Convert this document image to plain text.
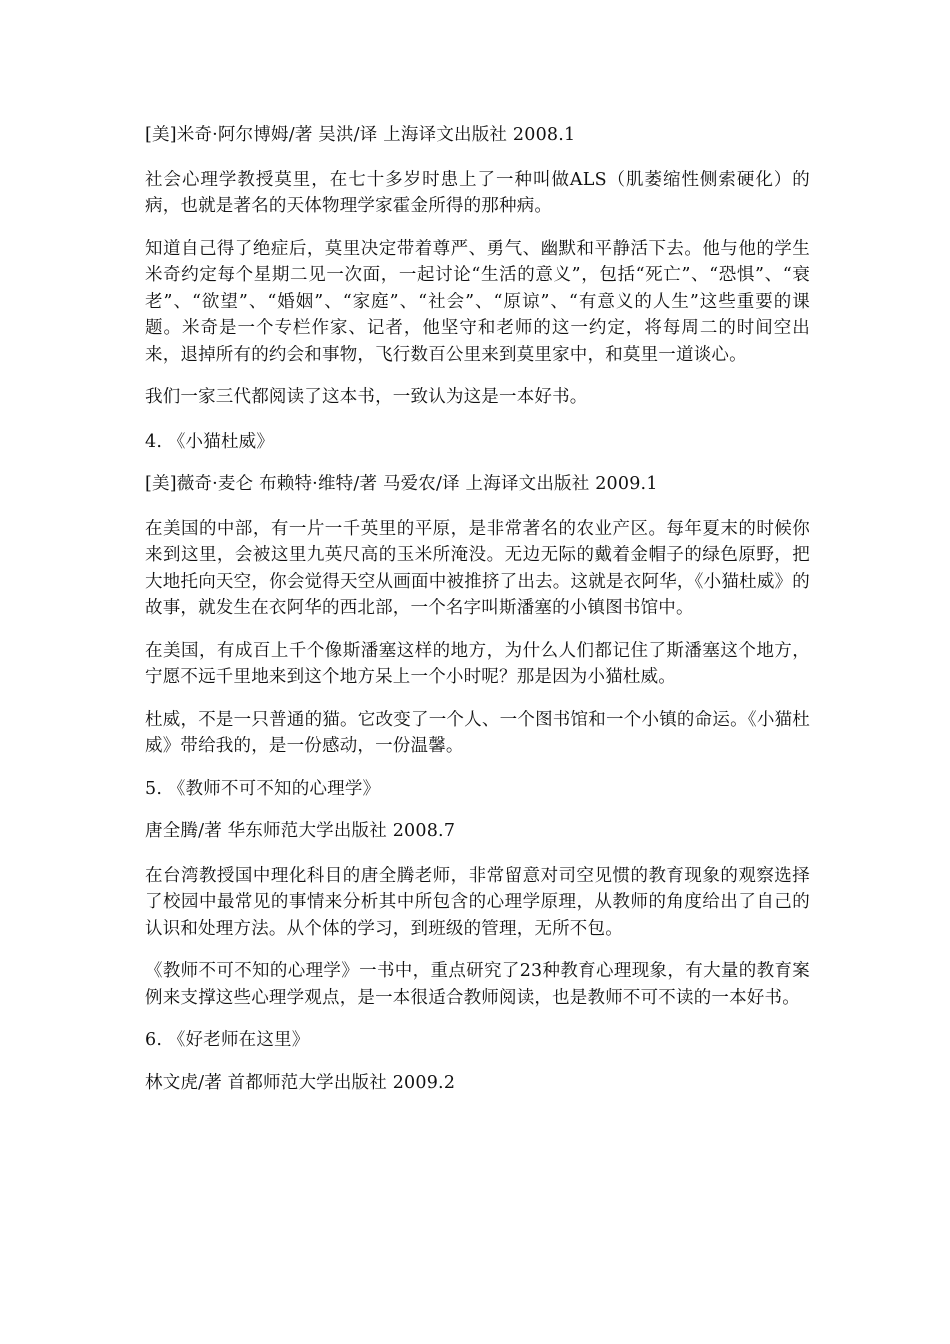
[美]米奇·阿尔博姆/著 吴洪/译 上海译文出版社 2008.1

社会心理学教授莫里，在七十多岁时患上了一种叫做ALS（肌萎缩性侧索硬化）的病，也就是著名的天体物理学家霍金所得的那种病。

知道自己得了绝症后，莫里决定带着尊严、勇气、幽默和平静活下去。他与他的学生米奇约定每个星期二见一次面，一起讨论“生活的意义”，包括“死亡”、“恐惧”、“衰老”、“欲望”、“婚姻”、“家庭”、“社会”、“原谅”、“有意义的人生”这些重要的课题。米奇是一个专栏作家、记者，他坚守和老师的这一约定，将每周二的时间空出来，退掉所有的约会和事物，飞行数百公里来到莫里家中，和莫里一道谈心。

我们一家三代都阅读了这本书，一致认为这是一本好书。

4. 《小猫杜威》

[美]薇奇·麦仑 布赖特·维特/著 马爱农/译 上海译文出版社 2009.1

在美国的中部，有一片一千英里的平原，是非常著名的农业产区。每年夏末的时候你来到这里，会被这里九英尺高的玉米所淹没。无边无际的戴着金帽子的绿色原野，把大地托向天空，你会觉得天空从画面中被推挤了出去。这就是衣阿华，《小猫杜威》的故事，就发生在衣阿华的西北部，一个名字叫斯潘塞的小镇图书馆中。

在美国，有成百上千个像斯潘塞这样的地方，为什么人们都记住了斯潘塞这个地方，宁愿不远千里地来到这个地方呆上一个小时呢？那是因为小猫杜威。

杜威，不是一只普通的猫。它改变了一个人、一个图书馆和一个小镇的命运。《小猫杜威》带给我的，是一份感动，一份温馨。

5. 《教师不可不知的心理学》

唐全腾/著 华东师范大学出版社 2008.7

在台湾教授国中理化科目的唐全腾老师，非常留意对司空见惯的教育现象的观察选择了校园中最常见的事情来分析其中所包含的心理学原理，从教师的角度给出了自己的认识和处理方法。从个体的学习，到班级的管理，无所不包。

《教师不可不知的心理学》一书中，重点研究了23种教育心理现象，有大量的教育案例来支撑这些心理学观点，是一本很适合教师阅读，也是教师不可不读的一本好书。

6. 《好老师在这里》

林文虎/著 首都师范大学出版社 2009.2
